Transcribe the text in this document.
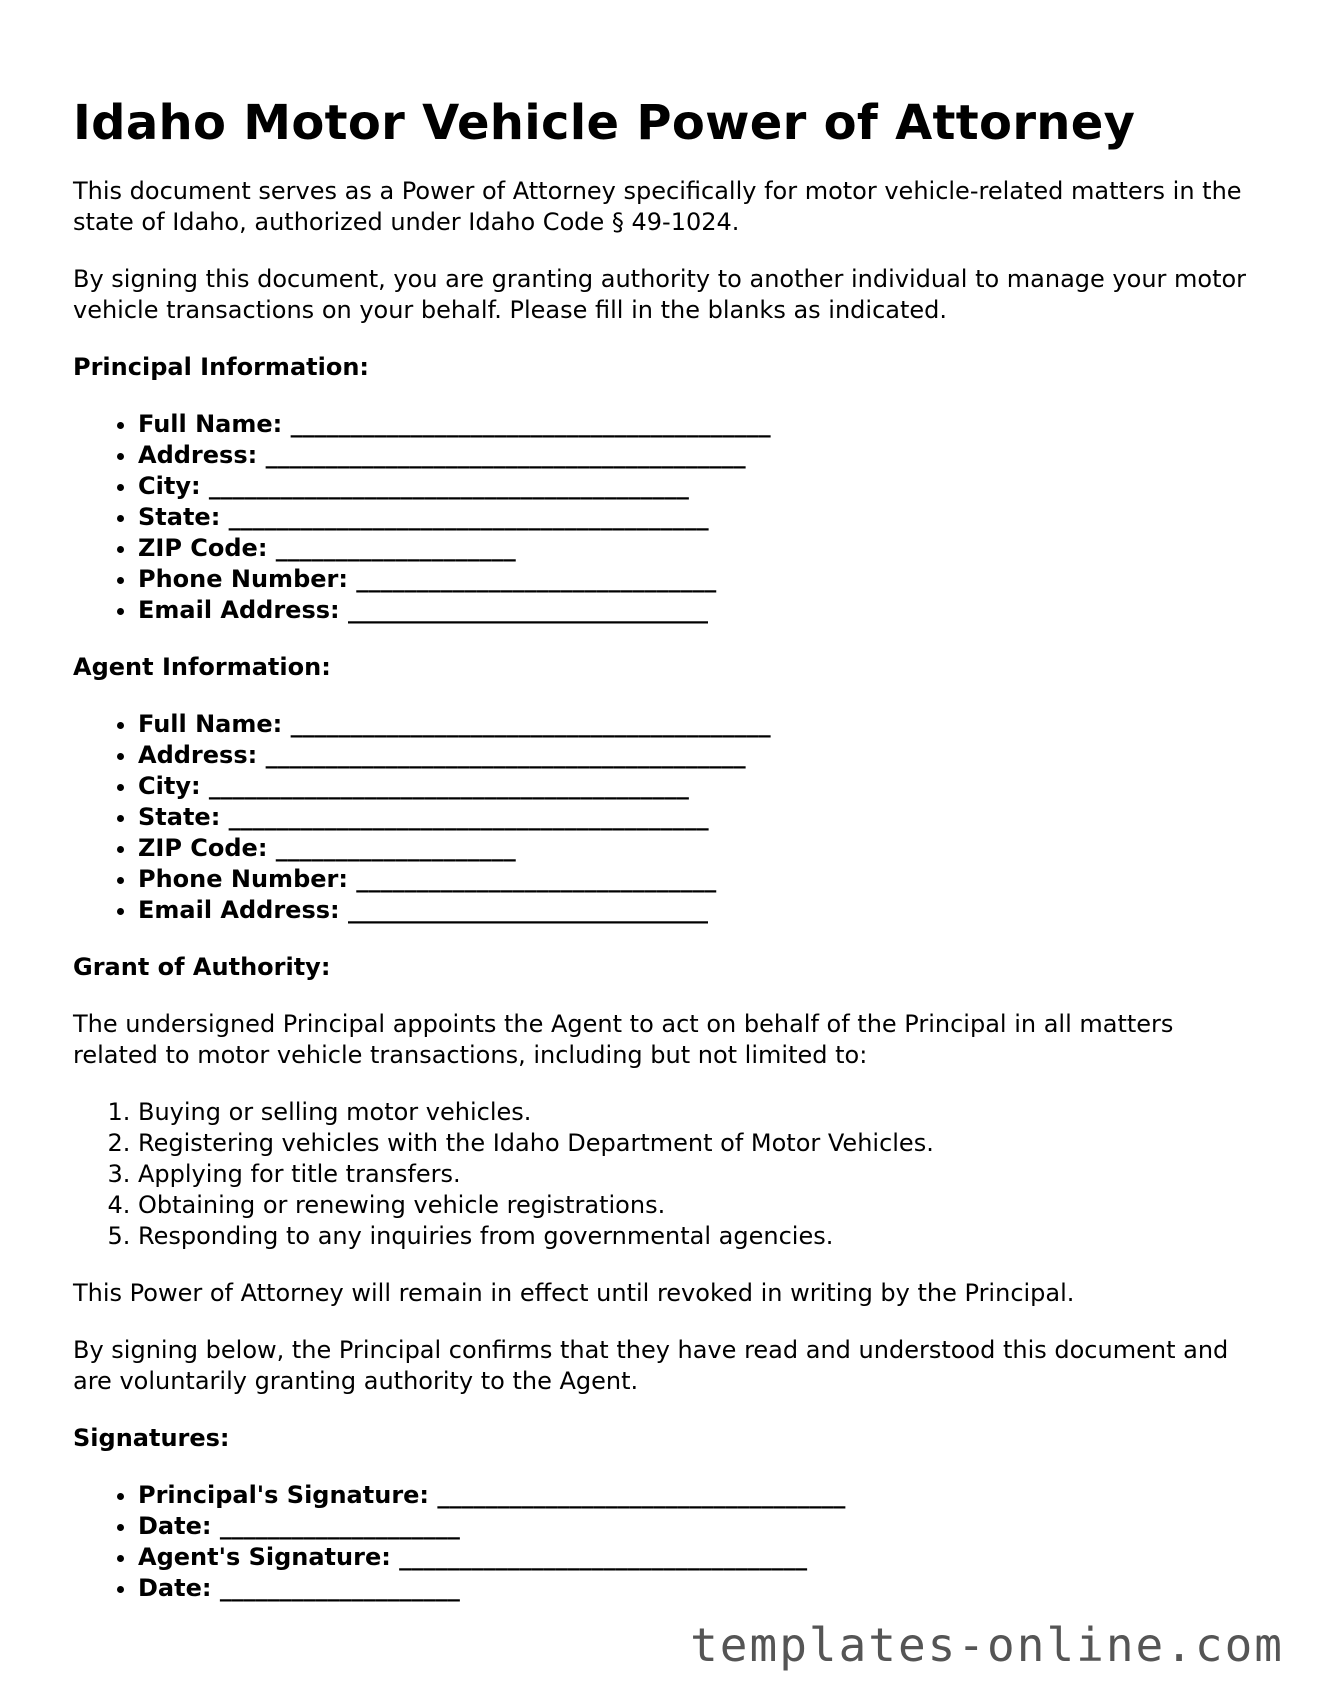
Idaho Motor Vehicle Power of Attorney

This document serves as a Power of Attorney specifically for motor vehicle-related matters in the state of Idaho, authorized under Idaho Code § 49-1024.

By signing this document, you are granting authority to another individual to manage your motor vehicle transactions on your behalf. Please fill in the blanks as indicated.

Principal Information:
• Full Name: ________________________________________
• Address: ________________________________________
• City: ________________________________________
• State: ________________________________________
• ZIP Code: ____________________
• Phone Number: ______________________________
• Email Address: ______________________________
Agent Information:
• Full Name: ________________________________________
• Address: ________________________________________
• City: ________________________________________
• State: ________________________________________
• ZIP Code: ____________________
• Phone Number: ______________________________
• Email Address: ______________________________
Grant of Authority:

The undersigned Principal appoints the Agent to act on behalf of the Principal in all matters related to motor vehicle transactions, including but not limited to:

1. Buying or selling motor vehicles.
2. Registering vehicles with the Idaho Department of Motor Vehicles.
3. Applying for title transfers.
4. Obtaining or renewing vehicle registrations.
5. Responding to any inquiries from governmental agencies.

This Power of Attorney will remain in effect until revoked in writing by the Principal.

By signing below, the Principal confirms that they have read and understood this document and are voluntarily granting authority to the Agent.

Signatures:
• Principal's Signature: __________________________________
• Date: ____________________
• Agent's Signature: __________________________________
• Date: ____________________
templates-online.com
